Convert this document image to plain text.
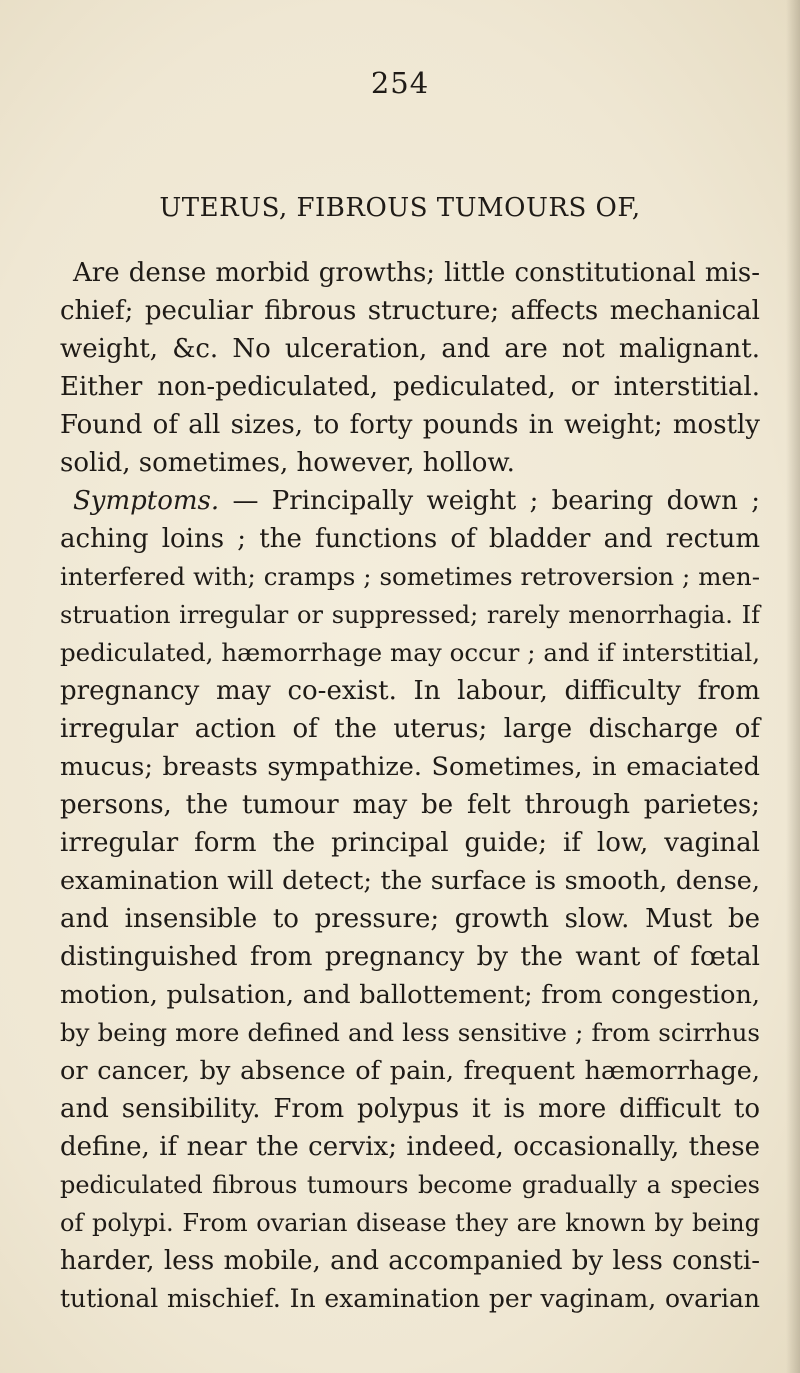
254
UTERUS, FIBROUS TUMOURS OF,
Are dense morbid growths; little constitutional mis-
chief; peculiar fibrous structure; affects mechanical
weight, &c. No ulceration, and are not malignant.
Either non-pediculated, pediculated, or interstitial.
Found of all sizes, to forty pounds in weight; mostly
solid, sometimes, however, hollow.
Symptoms. — Principally weight ; bearing down ;
aching loins ; the functions of bladder and rectum
interfered with; cramps ; sometimes retroversion ; men-
struation irregular or suppressed; rarely menorrhagia. If
pediculated, hæmorrhage may occur ; and if interstitial,
pregnancy may co-exist. In labour, difficulty from
irregular action of the uterus; large discharge of
mucus; breasts sympathize. Sometimes, in emaciated
persons, the tumour may be felt through parietes;
irregular form the principal guide; if low, vaginal
examination will detect; the surface is smooth, dense,
and insensible to pressure; growth slow. Must be
distinguished from pregnancy by the want of fœtal
motion, pulsation, and ballottement; from congestion,
by being more defined and less sensitive ; from scirrhus
or cancer, by absence of pain, frequent hæmorrhage,
and sensibility. From polypus it is more difficult to
define, if near the cervix; indeed, occasionally, these
pediculated fibrous tumours become gradually a species
of polypi. From ovarian disease they are known by being
harder, less mobile, and accompanied by less consti-
tutional mischief. In examination per vaginam, ovarian
